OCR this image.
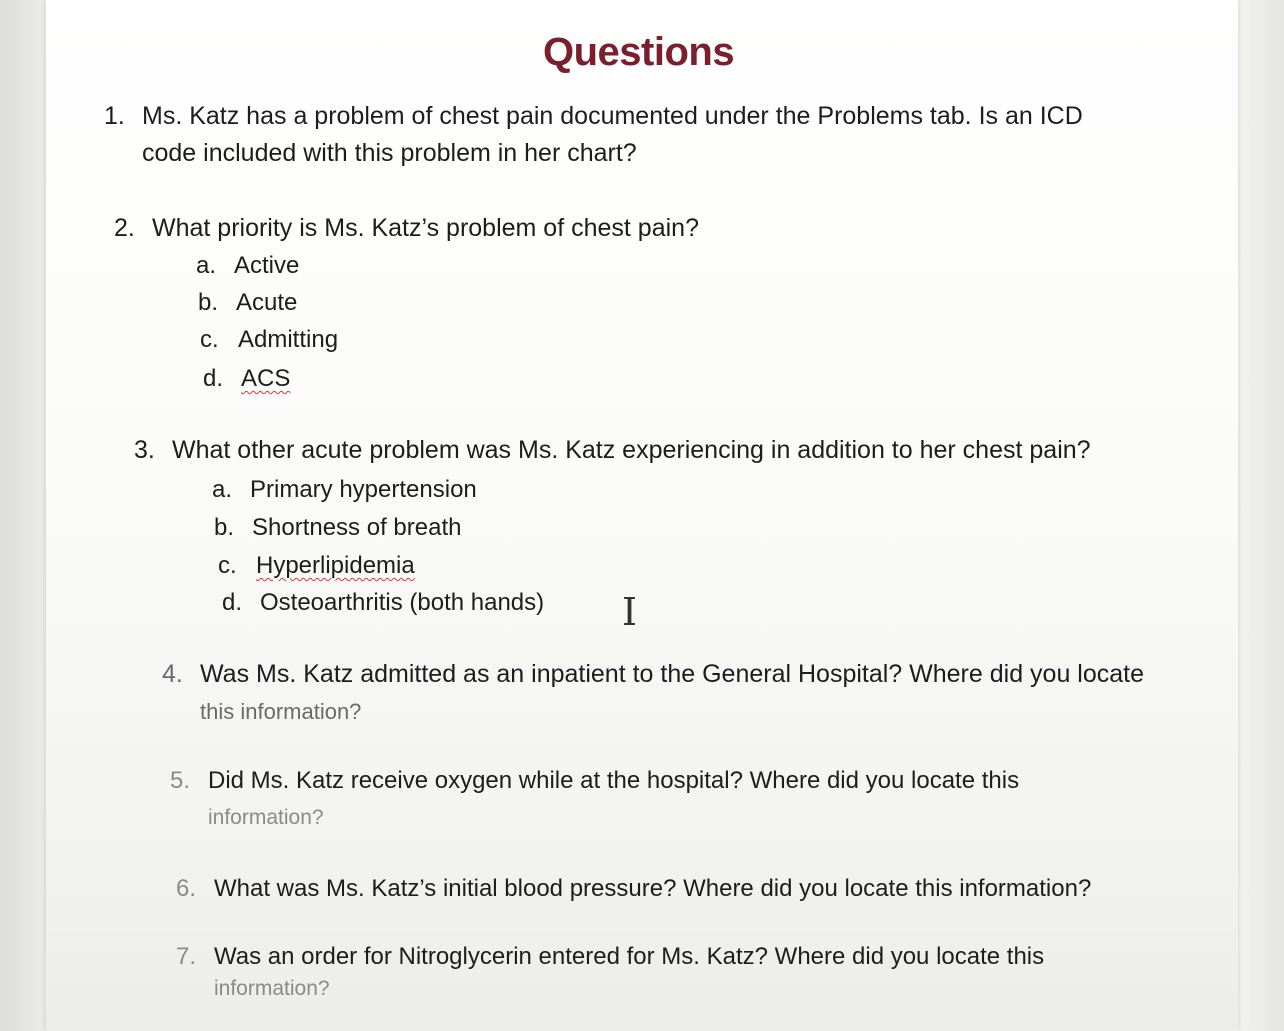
Questions
1. Ms. Katz has a problem of chest pain documented under the Problems tab. Is an ICD
code included with this problem in her chart?
2. What priority is Ms. Katz’s problem of chest pain?
a. Active
b. Acute
c. Admitting
d. ACS
3. What other acute problem was Ms. Katz experiencing in addition to her chest pain?
a. Primary hypertension
b. Shortness of breath
c. Hyperlipidemia
d. Osteoarthritis (both hands) I
4. Was Ms. Katz admitted as an inpatient to the General Hospital? Where did you locate
this information?
5. Did Ms. Katz receive oxygen while at the hospital? Where did you locate this
information?
6. What was Ms. Katz’s initial blood pressure? Where did you locate this information?
7. Was an order for Nitroglycerin entered for Ms. Katz? Where did you locate this
information?
